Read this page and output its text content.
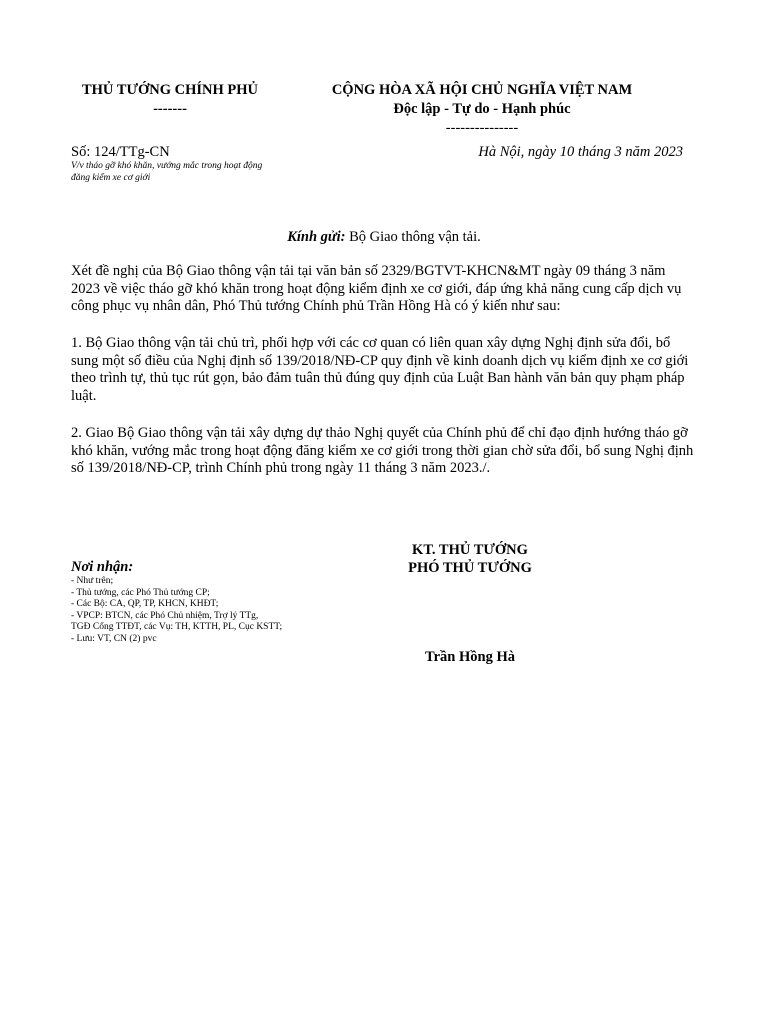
THỦ TƯỚNG CHÍNH PHỦ
-------
CỘNG HÒA XÃ HỘI CHỦ NGHĨA VIỆT NAM
Độc lập - Tự do - Hạnh phúc
---------------
Số: 124/TTg-CN
V/v tháo gỡ khó khăn, vướng mắc trong hoạt động đăng kiểm xe cơ giới
Hà Nội, ngày 10 tháng 3 năm 2023
Kính gửi: Bộ Giao thông vận tải.
Xét đề nghị của Bộ Giao thông vận tải tại văn bản số 2329/BGTVT-KHCN&MT ngày 09 tháng 3 năm 2023 về việc tháo gỡ khó khăn trong hoạt động kiểm định xe cơ giới, đáp ứng khả năng cung cấp dịch vụ công phục vụ nhân dân, Phó Thủ tướng Chính phủ Trần Hồng Hà có ý kiến như sau:
1. Bộ Giao thông vận tải chủ trì, phối hợp với các cơ quan có liên quan xây dựng Nghị định sửa đổi, bổ sung một số điều của Nghị định số 139/2018/NĐ-CP quy định về kinh doanh dịch vụ kiểm định xe cơ giới theo trình tự, thủ tục rút gọn, bảo đảm tuân thủ đúng quy định của Luật Ban hành văn bản quy phạm pháp luật.
2. Giao Bộ Giao thông vận tải xây dựng dự thảo Nghị quyết của Chính phủ để chỉ đạo định hướng tháo gỡ khó khăn, vướng mắc trong hoạt động đăng kiểm xe cơ giới trong thời gian chờ sửa đổi, bổ sung Nghị định số 139/2018/NĐ-CP, trình Chính phủ trong ngày 11 tháng 3 năm 2023./.
Nơi nhận:
- Như trên;
- Thủ tướng, các Phó Thủ tướng CP;
- Các Bộ: CA, QP, TP, KHCN, KHĐT;
- VPCP: BTCN, các Phó Chủ nhiệm, Trợ lý TTg,
TGĐ Cổng TTĐT, các Vụ: TH, KTTH, PL, Cục KSTT;
- Lưu: VT, CN (2) pvc
KT. THỦ TƯỚNG
PHÓ THỦ TƯỚNG
Trần Hồng Hà
